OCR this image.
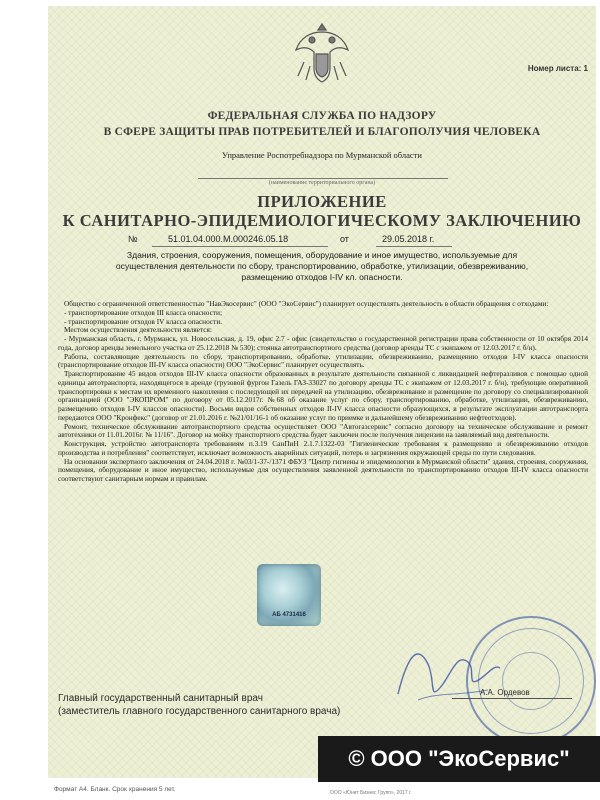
Номер листа: 1
ФЕДЕРАЛЬНАЯ СЛУЖБА ПО НАДЗОРУ
В СФЕРЕ ЗАЩИТЫ ПРАВ ПОТРЕБИТЕЛЕЙ И БЛАГОПОЛУЧИЯ ЧЕЛОВЕКА
Управление Роспотребнадзора по Мурманской области
(наименование территориального органа)
ПРИЛОЖЕНИЕ
К САНИТАРНО-ЭПИДЕМИОЛОГИЧЕСКОМУ ЗАКЛЮЧЕНИЮ
№	51.01.04.000.М.000246.05.18	от	29.05.2018 г.
Здания, строения, сооружения, помещения, оборудование и иное имущество, используемые для
осуществления деятельности по сбору, транспортированию, обработке, утилизации, обезвреживанию,
размещению отходов I-IV кл. опасности.

Общество с ограниченной ответственностью "НавЭкосервис" (ООО "ЭкоСервис") планирует осуществлять деятельность в области обращения с отходами:

- транспортирование отходов III класса опасности;

- транспортирование отходов IV класса опасности.

Местом осуществления деятельности является:

- Мурманская область, г. Мурманск, ул. Новосельская, д. 19, офис 2.7 - офис (свидетельство о государственной регистрации права собственности от 10 октября 2014 года, договор аренды земельного участка от 25.12.2018 № 530); стоянка автотранспортного средства (договор аренды ТС с экипажем от 12.03.2017 г. б/н).

Работы, составляющие деятельность по сбору, транспортированию, обработке, утилизации, обезвреживанию, размещению отходов I-IV класса опасности (транспортирование отходов III-IV класса опасности) ООО "ЭкоСервис" планирует осуществлять.

Транспортирование 45 видов отходов III-IV класса опасности образованных в результате деятельности связанной с ликвидацией нефтеразливов с помощью одной единицы автотранспорта, находящегося в аренде (грузовой фургон Газель ГАЗ-33027 по договору аренды ТС с экипажем от 12.03.2017 г. б/н), требующие оперативной транспортировки к местам их временного накопления с последующей их передачей на утилизацию, обезвреживание и размещение по договору со специализированной организацией (ООО "ЭКОПРОМ" по договору от 05.12.2017г. №68 об оказание услуг по сбору, транспортированию, обработке, утилизации, обезвреживанию, размещению отходов I-IV классов опасности). Восьми видов собственных отходов II-IV класса опасности образующихся, в результате эксплуатации автотранспорта передаются ООО "Кронфекс" (договор от 21.01.2016 г. №21/01/16-1 об оказание услуг по приемке и дальнейшему обезвреживанию нефтеотходов).

Ремонт, техническое обслуживание автотранспортного средства осуществляет ООО "Автогазсервис" согласно договору на техническое обслуживание и ремонт автотехники от 11.01.2016г. № 11/16". Договор на мойку транспортного средства будет заключен после получения лицензии на заявляемый вид деятельности.

Конструкция, устройство автотранспорта требованиям п.3.19 СанПиН 2.1.7.1322-03 "Гигиенические требования к размещению и обезвреживанию отходов производства и потребления" соответствует, исключает возможность аварийных ситуаций, потерь и загрязнения окружающей среды по пути следования.

На основании экспертного заключения от 24.04.2018 г. №03/1-37-/1371 ФБУЗ "Центр гигиены и эпидемиологии в Мурманской области" здания, строения, сооружения, помещения, оборудование и иное имущество, используемые для осуществления заявленной деятельности по транспортированию отходов III-IV класса опасности соответствуют санитарным нормам и правилам.

АБ 4731416
А.А. Ордевов
Главный государственный санитарный врач
(заместитель главного государственного санитарного врача)
© ООО "ЭкоСервис"
Формат А4. Бланк. Срок хранения 5 лет.	ООО «Юнит Бизнес Групп», 2017 г.
